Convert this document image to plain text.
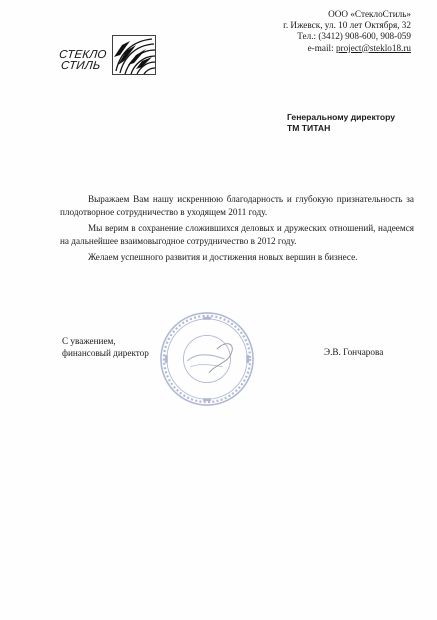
СТЕКЛО
СТИЛЬ
ООО «СтеклоСтиль»
г. Ижевск, ул. 10 лет Октября, 32
Тел.: (3412) 908-600, 908-059
e-mail: project@steklo18.ru
Генеральному директору
ТМ ТИТАН

Выражаем Вам нашу искреннюю благодарность и глубокую признательность за плодотворное сотрудничество в уходящем 2011 году.

Мы верим в сохранение сложившихся деловых и дружеских отношений, надеемся на дальнейшее взаимовыгодное сотрудничество в 2012 году.

Желаем успешного развития и достижения новых вершин в бизнесе.

С уважением,
финансовый директор	Э.В. Гончарова
